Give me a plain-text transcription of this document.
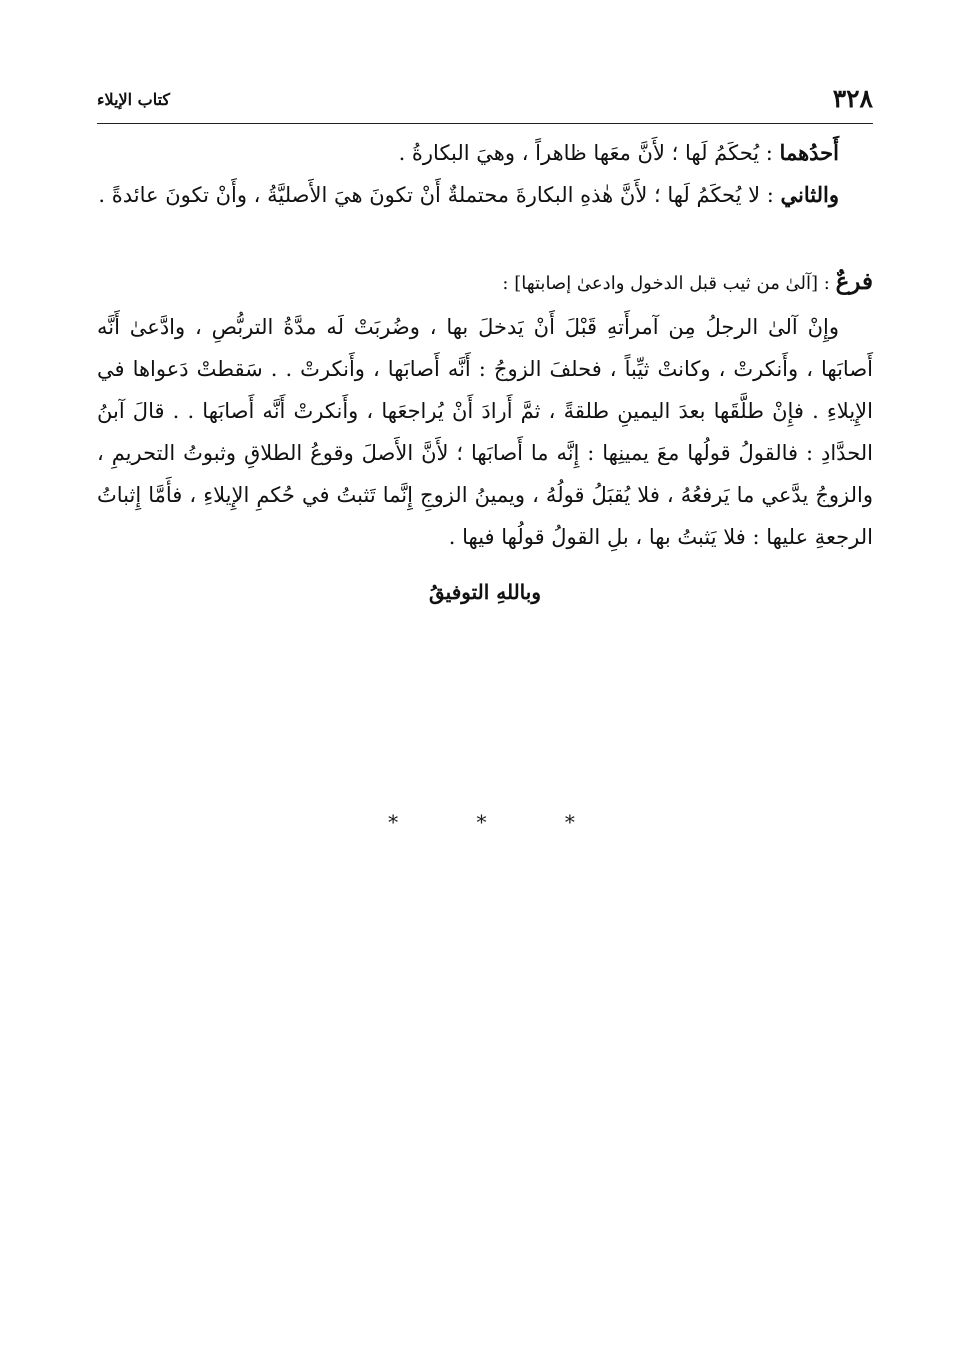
٣٢٨
كتاب الإيلاء

أَحدُهما : يُحكَمُ لَها ؛ لأَنَّ معَها ظاهراً ، وهيَ البكارةُ .

والثاني : لا يُحكَمُ لَها ؛ لأَنَّ هٰذهِ البكارةَ محتملةٌ أَنْ تكونَ هيَ الأَصليَّةُ ، وأَنْ تكونَ عائدةً .

فرعٌ : [آلىٰ من ثيب قبل الدخول وادعىٰ إصابتها] :

وإِنْ آلىٰ الرجلُ مِن آمرأَتهِ قَبْلَ أَنْ يَدخلَ بها ، وضُربَتْ لَه مدَّةُ التربُّصِ ، وادَّعىٰ أَنَّه أَصابَها ، وأَنكرتْ ، وكانتْ ثيِّباً ، فحلفَ الزوجُ : أَنَّه أَصابَها ، وأَنكرتْ . . سَقطتْ دَعواها في الإِيلاءِ . فإِنْ طلَّقَها بعدَ اليمينِ طلقةً ، ثمَّ أَرادَ أَنْ يُراجعَها ، وأَنكرتْ أَنَّه أَصابَها . . قالَ آبنُ الحدَّادِ : فالقولُ قولُها معَ يمينِها : إِنَّه ما أَصابَها ؛ لأَنَّ الأَصلَ وقوعُ الطلاقِ وثبوتُ التحريمِ ، والزوجُ يدَّعي ما يَرفعُهُ ، فلا يُقبَلُ قولُهُ ، ويمينُ الزوجِ إِنَّما تَثبتُ في حُكمِ الإِيلاءِ ، فأَمَّا إِثباتُ الرجعةِ عليها : فلا يَثبتُ بها ، بلِ القولُ قولُها فيها .

وباللهِ التوفيقُ
* * *
